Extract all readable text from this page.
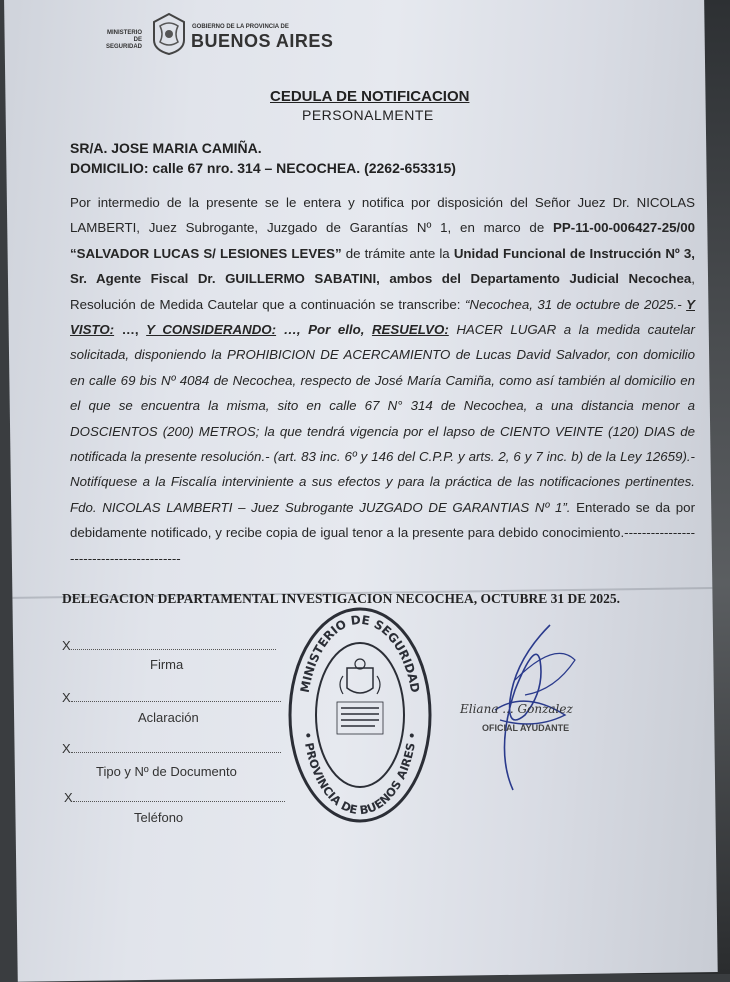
MINISTERIO DE SEGURIDAD
GOBIERNO DE LA PROVINCIA DE
BUENOS AIRES
CEDULA DE NOTIFICACION
PERSONALMENTE
SR/A. JOSE MARIA CAMIÑA.
DOMICILIO: calle 67 nro. 314 – NECOCHEA. (2262-653315)

Por intermedio de la presente se le entera y notifica por disposición del Señor Juez Dr. NICOLAS LAMBERTI, Juez Subrogante, Juzgado de Garantías Nº 1, en marco de PP-11-00-006427-25/00 “SALVADOR LUCAS S/ LESIONES LEVES” de trámite ante la Unidad Funcional de Instrucción Nº 3, Sr. Agente Fiscal Dr. GUILLERMO SABATINI, ambos del Departamento Judicial Necochea, Resolución de Medida Cautelar que a continuación se transcribe: “Necochea, 31 de octubre de 2025.- Y VISTO: …, Y CONSIDERANDO: …, Por ello, RESUELVO: HACER LUGAR a la medida cautelar solicitada, disponiendo la PROHIBICION DE ACERCAMIENTO de Lucas David Salvador, con domicilio en calle 69 bis Nº 4084 de Necochea, respecto de José María Camiña, como así también al domicilio en el que se encuentra la misma, sito en calle 67 N° 314 de Necochea, a una distancia menor a DOSCIENTOS (200) METROS; la que tendrá vigencia por el lapso de CIENTO VEINTE (120) DIAS de notificada la presente resolución.- (art. 83 inc. 6º y 146 del C.P.P. y arts. 2, 6 y 7 inc. b) de la Ley 12659).-Notifíquese a la Fiscalía interviniente a sus efectos y para la práctica de las notificaciones pertinentes. Fdo. NICOLAS LAMBERTI – Juez Subrogante JUZGADO DE GARANTIAS Nº 1”. Enterado se da por debidamente notificado, y recibe copia de igual tenor a la presente para debido conocimiento.-----------------------------------------

DELEGACION DEPARTAMENTAL INVESTIGACION NECOCHEA, OCTUBRE 31 DE 2025.
X
Firma
X
Aclaración
X
Tipo y Nº de Documento
X
Teléfono
MINISTERIO DE SEGURIDAD
• PROVINCIA DE BUENOS AIRES •
Eliana ... Gonzalez
OFICIAL AYUDANTE
